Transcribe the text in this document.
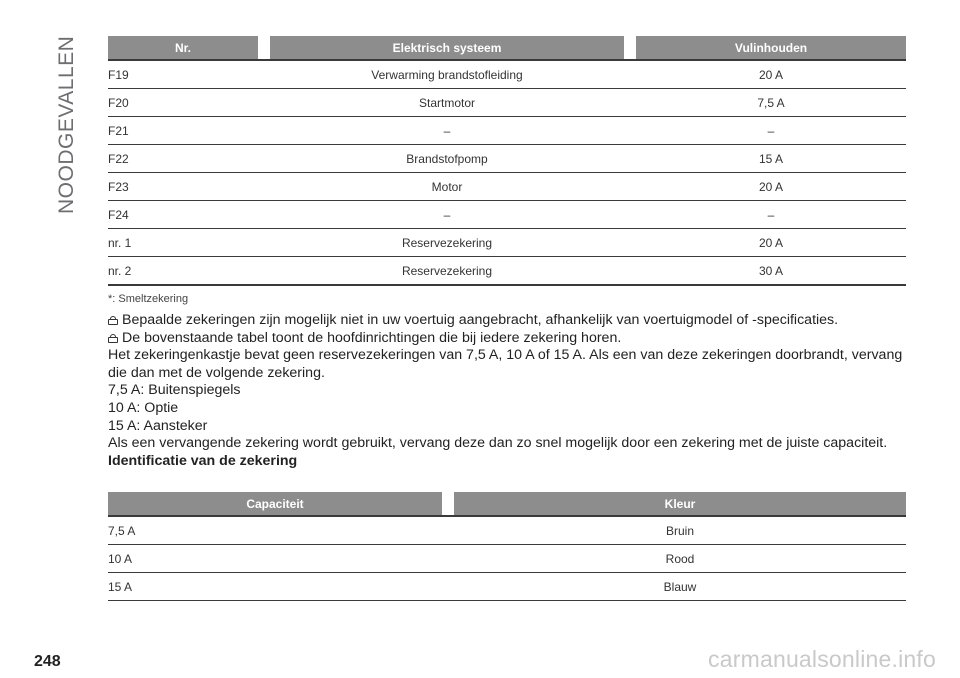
NOODGEVALLEN	Nr.		Elektrisch systeem		Vulinhouden
F19		Verwarming brandstofleiding		20 A
F20		Startmotor		7,5 A
F21		–		–
F22		Brandstofpomp		15 A
F23		Motor		20 A
F24		–		–
nr. 1		Reservezekering		20 A
nr. 2		Reservezekering		30 A
*: Smeltzekering

Bepaalde zekeringen zijn mogelijk niet in uw voertuig aangebracht, afhankelijk van voertuigmodel of -specificaties.

De bovenstaande tabel toont de hoofdinrichtingen die bij iedere zekering horen.

Het zekeringenkastje bevat geen reservezekeringen van 7,5 A, 10 A of 15 A. Als een van deze zekeringen doorbrandt, vervang die dan met de volgende zekering.

7,5 A: Buitenspiegels

10 A: Optie

15 A: Aansteker

Als een vervangende zekering wordt gebruikt, vervang deze dan zo snel mogelijk door een zekering met de juiste capaciteit.

Identificatie van de zekering

Capaciteit		Kleur
7,5 A		Bruin
10 A		Rood
15 A		Blauw
248	carmanualsonline.info
